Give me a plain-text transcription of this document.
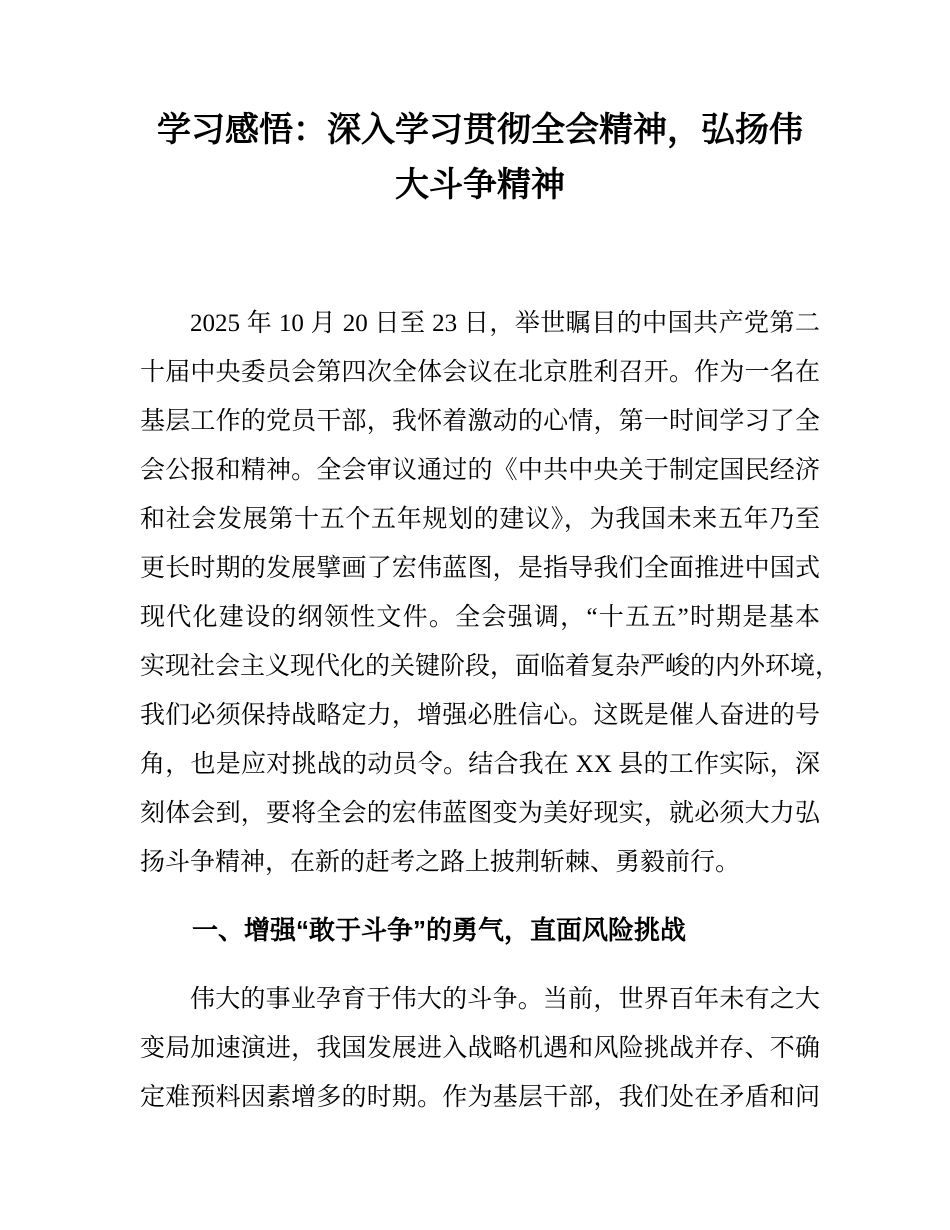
学习感悟：深入学习贯彻全会精神，弘扬伟
大斗争精神
2025 年 10 月 20 日至 23 日，举世瞩目的中国共产党第二
十届中央委员会第四次全体会议在北京胜利召开。作为一名在
基层工作的党员干部，我怀着激动的心情，第一时间学习了全
会公报和精神。全会审议通过的《中共中央关于制定国民经济
和社会发展第十五个五年规划的建议》，为我国未来五年乃至
更长时期的发展擘画了宏伟蓝图，是指导我们全面推进中国式
现代化建设的纲领性文件。全会强调，“十五五”时期是基本
实现社会主义现代化的关键阶段，面临着复杂严峻的内外环境，
我们必须保持战略定力，增强必胜信心。这既是催人奋进的号
角，也是应对挑战的动员令。结合我在 XX 县的工作实际，深
刻体会到，要将全会的宏伟蓝图变为美好现实，就必须大力弘
扬斗争精神，在新的赶考之路上披荆斩棘、勇毅前行。
一、增强“敢于斗争”的勇气，直面风险挑战
伟大的事业孕育于伟大的斗争。当前，世界百年未有之大
变局加速演进，我国发展进入战略机遇和风险挑战并存、不确
定难预料因素增多的时期。作为基层干部，我们处在矛盾和问
